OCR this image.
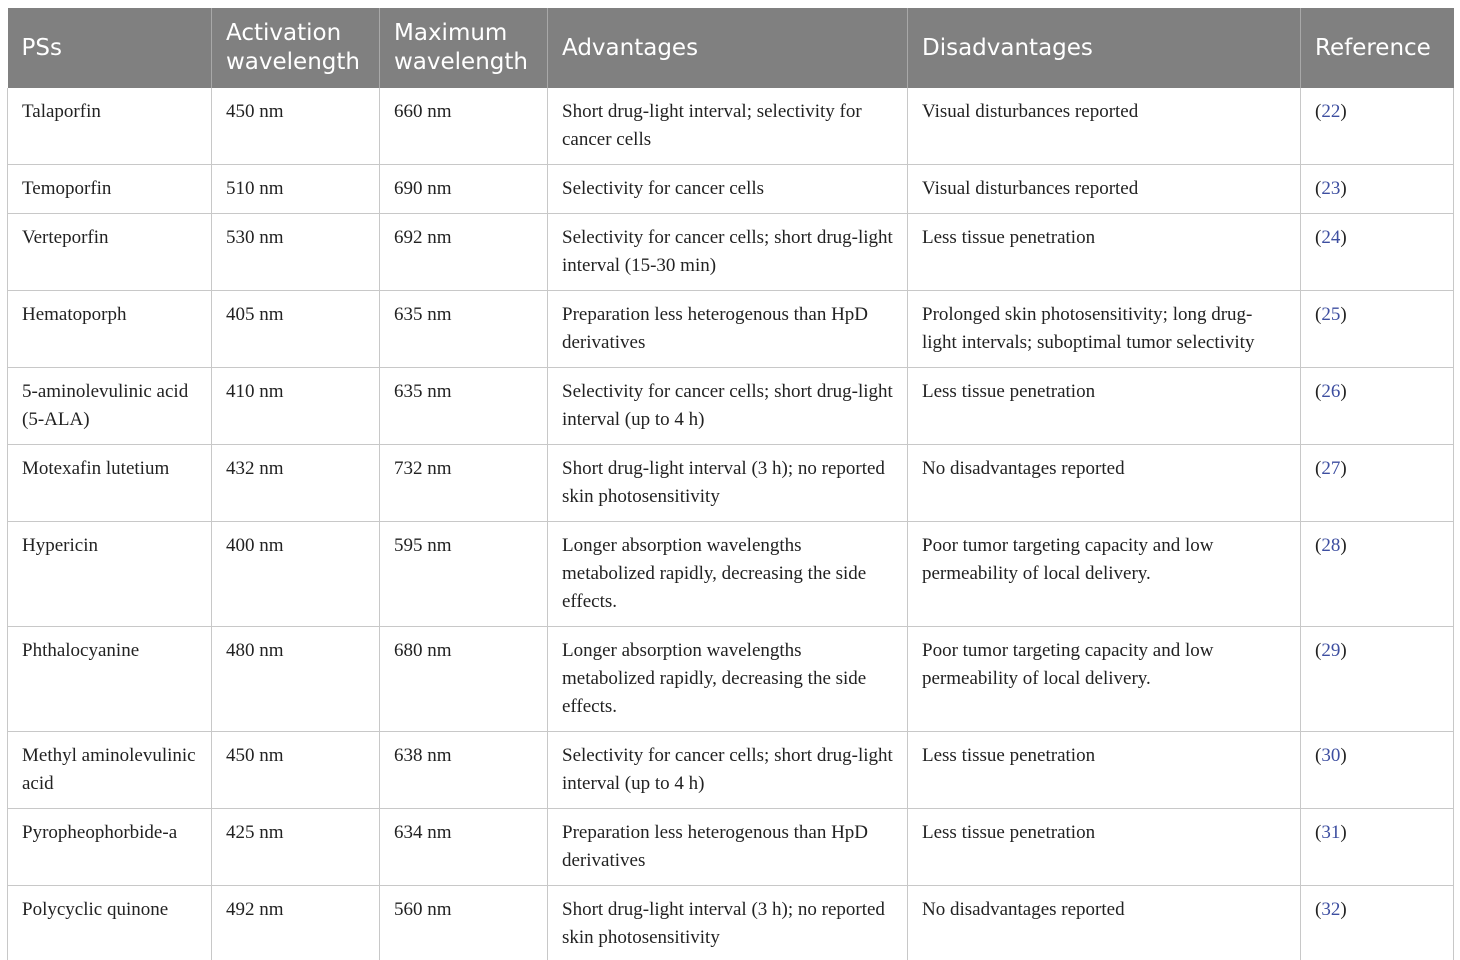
PSs	Activation wavelength	Maximum wavelength	Advantages	Disadvantages	Reference
Talaporfin	450 nm	660 nm	Short drug-light interval; selectivity for cancer cells	Visual disturbances reported	(22)
Temoporfin	510 nm	690 nm	Selectivity for cancer cells	Visual disturbances reported	(23)
Verteporfin	530 nm	692 nm	Selectivity for cancer cells; short drug-light interval (15-30 min)	Less tissue penetration	(24)
Hematoporph	405 nm	635 nm	Preparation less heterogenous than HpD derivatives	Prolonged skin photosensitivity; long drug-light intervals; suboptimal tumor selectivity	(25)
5-aminolevulinic acid (5-ALA)	410 nm	635 nm	Selectivity for cancer cells; short drug-light interval (up to 4 h)	Less tissue penetration	(26)
Motexafin lutetium	432 nm	732 nm	Short drug-light interval (3 h); no reported skin photosensitivity	No disadvantages reported	(27)
Hypericin	400 nm	595 nm	Longer absorption wavelengths metabolized rapidly, decreasing the side effects.	Poor tumor targeting capacity and low permeability of local delivery.	(28)
Phthalocyanine	480 nm	680 nm	Longer absorption wavelengths metabolized rapidly, decreasing the side effects.	Poor tumor targeting capacity and low permeability of local delivery.	(29)
Methyl aminolevulinic acid	450 nm	638 nm	Selectivity for cancer cells; short drug-light interval (up to 4 h)	Less tissue penetration	(30)
Pyropheophorbide-a	425 nm	634 nm	Preparation less heterogenous than HpD derivatives	Less tissue penetration	(31)
Polycyclic quinone	492 nm	560 nm	Short drug-light interval (3 h); no reported skin photosensitivity	No disadvantages reported	(32)
